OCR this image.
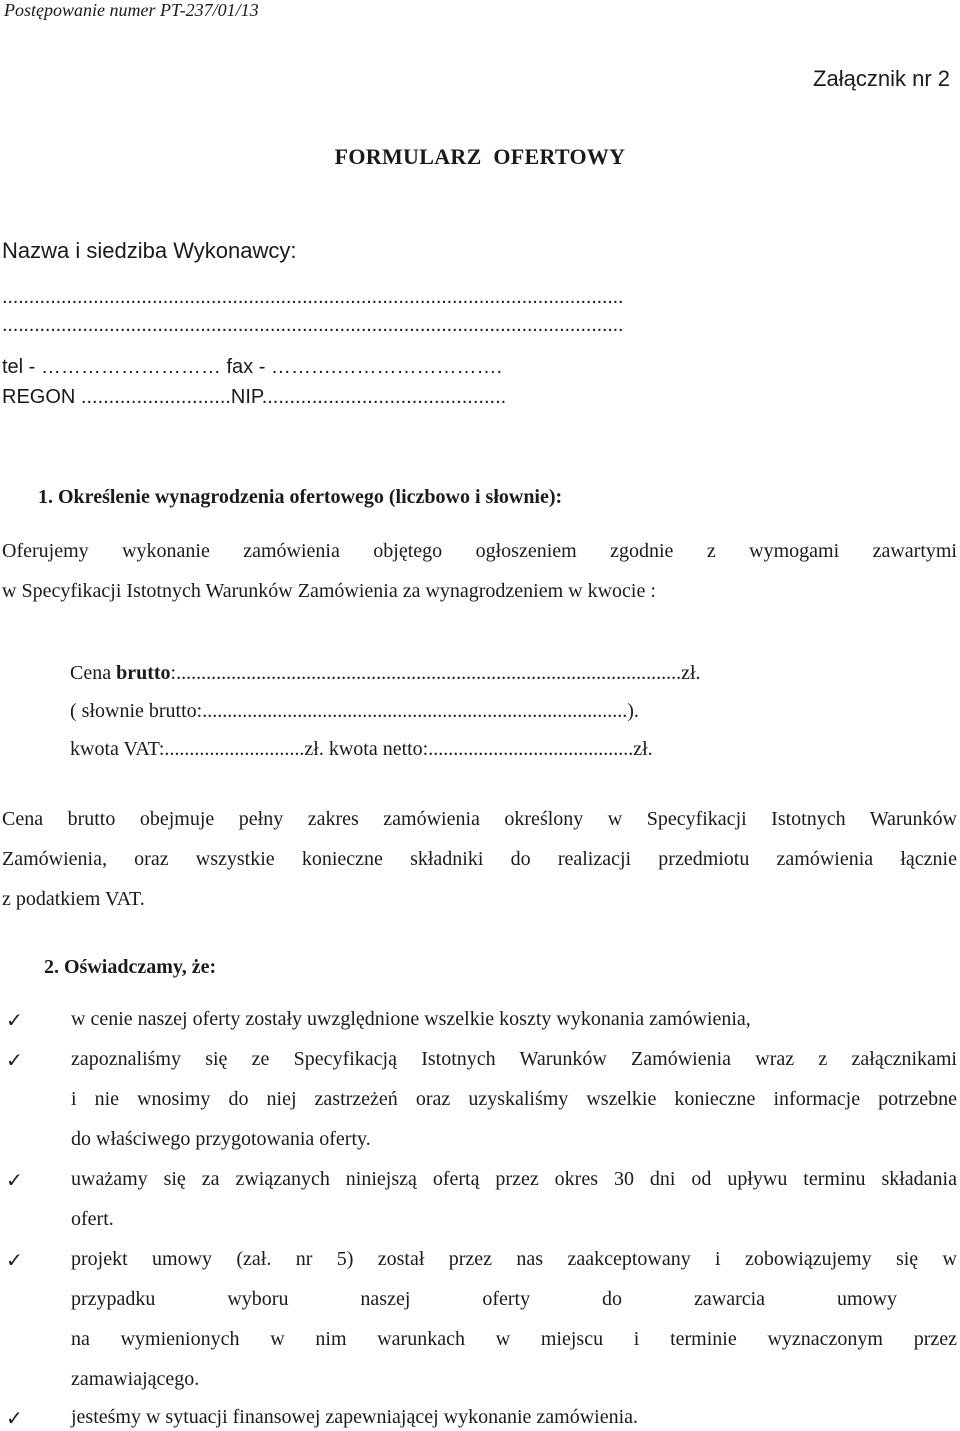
Postępowanie numer PT-237/01/13
Załącznik nr 2
FORMULARZ OFERTOWY
Nazwa i siedziba Wykonawcy:
....................................................................................................................
....................................................................................................................
tel - ……………………… fax - ……….…………………….
REGON ...........................NIP............................................
1. Określenie wynagrodzenia ofertowego (liczbowo i słownie):
Oferujemy wykonanie zamówienia objętego ogłoszeniem zgodnie z wymogami zawartymi
w Specyfikacji Istotnych Warunków Zamówienia za wynagrodzeniem w kwocie :
Cena brutto:.....................................................................................................zł.
( słownie brutto:.....................................................................................).
kwota VAT:............................zł. kwota netto:.........................................zł.
Cena brutto obejmuje pełny zakres zamówienia określony w Specyfikacji Istotnych Warunków
Zamówienia, oraz wszystkie konieczne składniki do realizacji przedmiotu zamówienia łącznie
z podatkiem VAT.
2. Oświadczamy, że:
✓ w cenie naszej oferty zostały uwzględnione wszelkie koszty wykonania zamówienia,
✓ zapoznaliśmy się ze Specyfikacją Istotnych Warunków Zamówienia wraz z załącznikami
i nie wnosimy do niej zastrzeżeń oraz uzyskaliśmy wszelkie konieczne informacje potrzebne
do właściwego przygotowania oferty.
✓ uważamy się za związanych niniejszą ofertą przez okres 30 dni od upływu terminu składania
ofert.
✓ projekt umowy (zał. nr 5) został przez nas zaakceptowany i zobowiązujemy się w
przypadku wyboru naszej oferty do zawarcia umowy
na wymienionych w nim warunkach w miejscu i terminie wyznaczonym przez
zamawiającego.
✓ jesteśmy w sytuacji finansowej zapewniającej wykonanie zamówienia.
